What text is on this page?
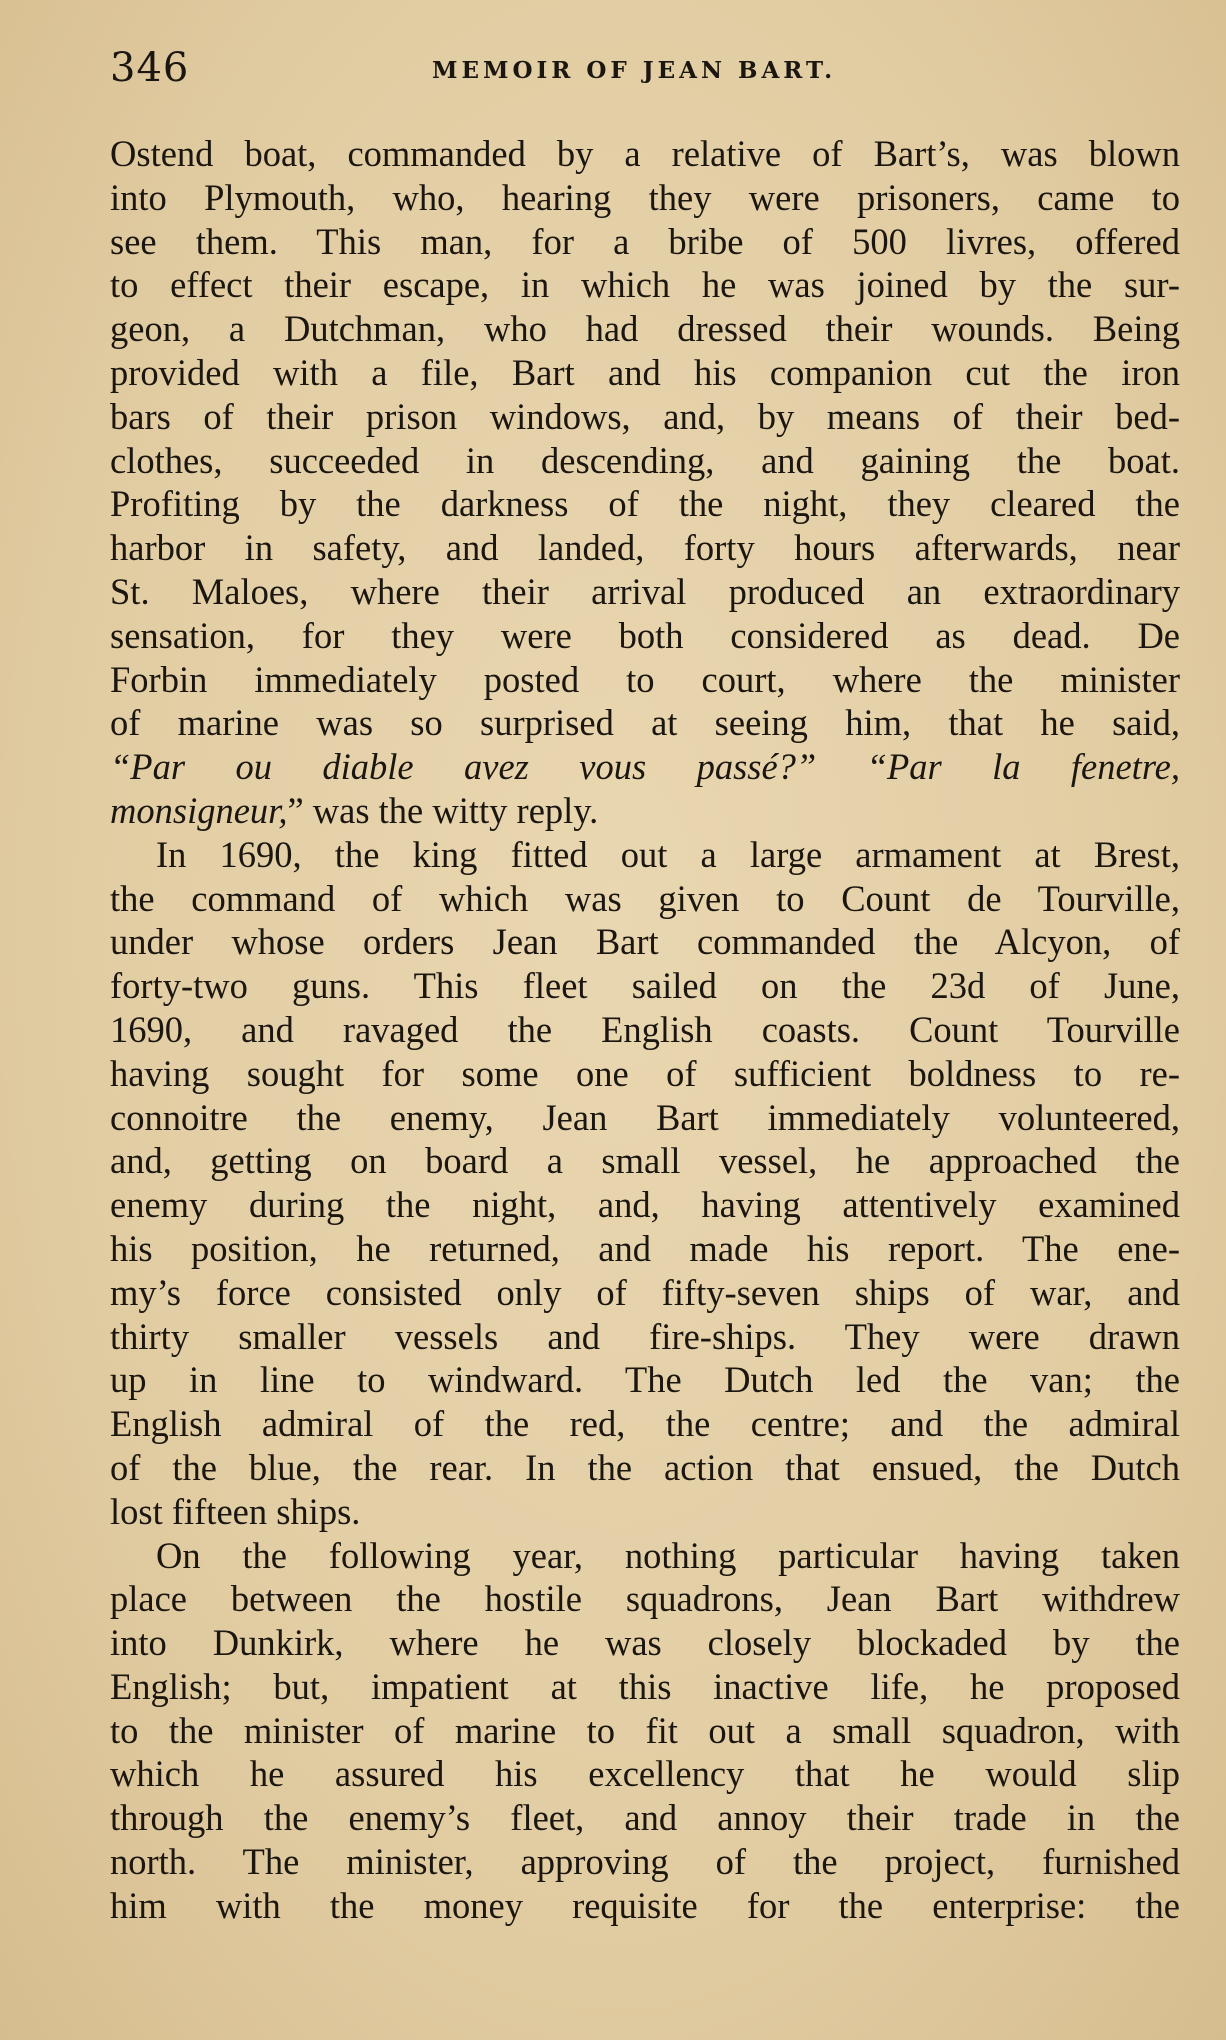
346	MEMOIR OF JEAN BART.
Ostend boat, commanded by a relative of Bart’s, was blown
into Plymouth, who, hearing they were prisoners, came to
see them. This man, for a bribe of 500 livres, offered
to effect their escape, in which he was joined by the sur-
geon, a Dutchman, who had dressed their wounds. Being
provided with a file, Bart and his companion cut the iron
bars of their prison windows, and, by means of their bed-
clothes, succeeded in descending, and gaining the boat.
Profiting by the darkness of the night, they cleared the
harbor in safety, and landed, forty hours afterwards, near
St. Maloes, where their arrival produced an extraordinary
sensation, for they were both considered as dead. De
Forbin immediately posted to court, where the minister
of marine was so surprised at seeing him, that he said,
“Par ou diable avez vous passé?” “Par la fenetre,
monsigneur,” was the witty reply.
In 1690, the king fitted out a large armament at Brest,
the command of which was given to Count de Tourville,
under whose orders Jean Bart commanded the Alcyon, of
forty-two guns. This fleet sailed on the 23d of June,
1690, and ravaged the English coasts. Count Tourville
having sought for some one of sufficient boldness to re-
connoitre the enemy, Jean Bart immediately volunteered,
and, getting on board a small vessel, he approached the
enemy during the night, and, having attentively examined
his position, he returned, and made his report. The ene-
my’s force consisted only of fifty-seven ships of war, and
thirty smaller vessels and fire-ships. They were drawn
up in line to windward. The Dutch led the van; the
English admiral of the red, the centre; and the admiral
of the blue, the rear. In the action that ensued, the Dutch
lost fifteen ships.
On the following year, nothing particular having taken
place between the hostile squadrons, Jean Bart withdrew
into Dunkirk, where he was closely blockaded by the
English; but, impatient at this inactive life, he proposed
to the minister of marine to fit out a small squadron, with
which he assured his excellency that he would slip
through the enemy’s fleet, and annoy their trade in the
north. The minister, approving of the project, furnished
him with the money requisite for the enterprise: the
